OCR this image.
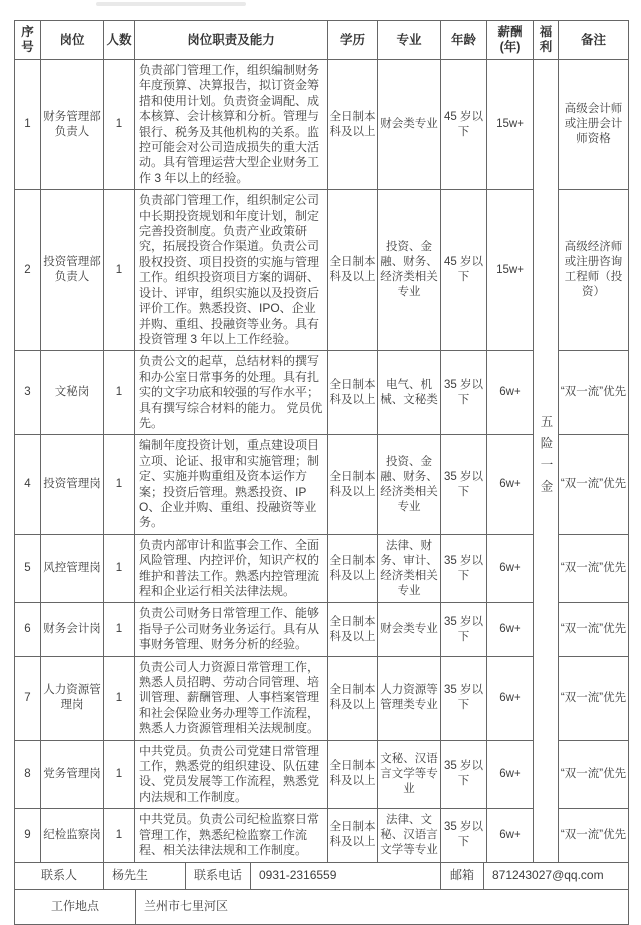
序号	岗位	人数	岗位职责及能力	学历	专业	年龄	薪酬(年)	福利	备注
1	财务管理部负责人	1	负责部门管理工作，组织编制财务年度预算、决算报告，拟订资金筹措和使用计划。负责资金调配、成本核算、会计核算和分析。管理与银行、税务及其他机构的关系。监控可能会对公司造成损失的重大活动。具有管理运营大型企业财务工作 3 年以上的经验。	全日制本科及以上	财会类专业	45 岁以下	15w+	五险一金	高级会计师或注册会计师资格
2	投资管理部负责人	1	负责部门管理工作，组织制定公司中长期投资规划和年度计划，制定完善投资制度。负责产业政策研究，拓展投资合作渠道。负责公司股权投资、项目投资的实施与管理工作。组织投资项目方案的调研、设计、评审，组织实施以及投资后评价工作。熟悉投资、IPO、企业并购、重组、投融资等业务。具有投资管理 3 年以上工作经验。	全日制本科及以上	投资、金融、财务、经济类相关专业	45 岁以下	15w+		高级经济师或注册咨询工程师（投资）
3	文秘岗	1	负责公文的起草，总结材料的撰写和办公室日常事务的处理。具有扎实的文字功底和较强的写作水平；具有撰写综合材料的能力。 党员优先。	全日制本科及以上	电气、机械、文秘类	35 岁以下	6w+		“双一流”优先
4	投资管理岗	1	编制年度投资计划，重点建设项目立项、论证、报审和实施管理；制定、实施并购重组及资本运作方案；投资后管理。熟悉投资、IPO、企业并购、重组、投融资等业务。	全日制本科及以上	投资、金融、财务、经济类相关专业	35 岁以下	6w+		“双一流”优先
5	风控管理岗	1	负责内部审计和监事会工作、全面风险管理、内控评价，知识产权的维护和普法工作。熟悉内控管理流程和企业运行相关法律法规。	全日制本科及以上	法律、财务、审计、经济类相关专业	35 岁以下	6w+		“双一流”优先
6	财务会计岗	1	负责公司财务日常管理工作、能够指导子公司财务业务运行。具有从事财务管理、财务分析的经验。	全日制本科及以上	财会类专业	35 岁以下	6w+		“双一流”优先
7	人力资源管理岗	1	负责公司人力资源日常管理工作，熟悉人员招聘、劳动合同管理、培训管理、薪酬管理、人事档案管理和社会保险业务办理等工作流程，熟悉人力资源管理相关法规制度。	全日制本科及以上	人力资源等管理类专业	35 岁以下	6w+		“双一流”优先
8	党务管理岗	1	中共党员。负责公司党建日常管理工作，熟悉党的组织建设、队伍建设、党员发展等工作流程，熟悉党内法规和工作制度。	全日制本科及以上	文秘、汉语言文学等专业	35 岁以下	6w+		“双一流”优先
9	纪检监察岗	1	中共党员。负责公司纪检监察日常管理工作，熟悉纪检监察工作流程、相关法律法规和工作制度。	全日制本科及以上	法律、文秘、汉语言文学等专业	35 岁以下	6w+		“双一流”优先
联系人	杨先生	联系电话	0931-2316559	邮箱	871243027@qq.com
工作地点	兰州市七里河区
